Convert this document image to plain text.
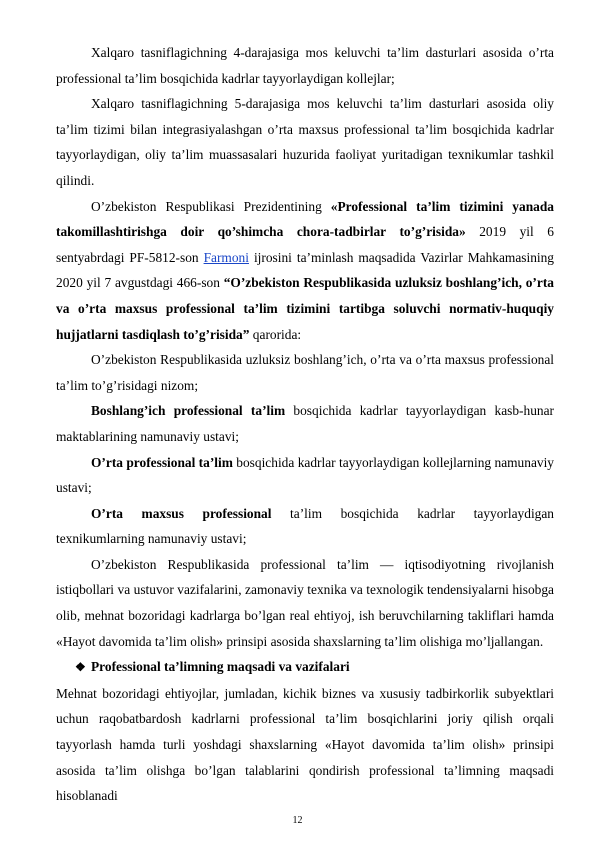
Xalqaro tasniflagichning 4-darajasiga mos keluvchi ta’lim dasturlari asosida o’rta professional ta’lim bosqichida kadrlar tayyorlaydigan kollejlar;

Xalqaro tasniflagichning 5-darajasiga mos keluvchi ta’lim dasturlari asosida oliy ta’lim tizimi bilan integrasiyalashgan o’rta maxsus professional ta’lim bosqichida kadrlar tayyorlaydigan, oliy ta’lim muassasalari huzurida faoliyat yuritadigan texnikumlar tashkil qilindi.

O’zbekiston Respublikasi Prezidentining «Professional ta’lim tizimini yanada takomillashtirishga doir qo’shimcha chora-tadbirlar to’g’risida» 2019 yil 6 sentyabrdagi PF-5812-son Farmoni ijrosini ta’minlash maqsadida Vazirlar Mahkamasining 2020 yil 7 avgustdagi 466-son “O’zbekiston Respublikasida uzluksiz boshlang’ich, o’rta va o’rta maxsus professional ta’lim tizimini tartibga soluvchi normativ-huquqiy hujjatlarni tasdiqlash to’g’risida” qarorida:

O’zbekiston Respublikasida uzluksiz boshlang’ich, o’rta va o’rta maxsus professional ta’lim to’g’risidagi nizom;

Boshlang’ich professional ta’lim bosqichida kadrlar tayyorlaydigan kasb-hunar maktablarining namunaviy ustavi;

O’rta professional ta’lim bosqichida kadrlar tayyorlaydigan kollejlarning namunaviy ustavi;

O’rta maxsus professional ta’lim bosqichida kadrlar tayyorlaydigan texnikumlarning namunaviy ustavi;

O’zbekiston Respublikasida professional ta’lim — iqtisodiyotning rivojlanish istiqbollari va ustuvor vazifalarini, zamonaviy texnika va texnologik tendensiyalarni hisobga olib, mehnat bozoridagi kadrlarga bo’lgan real ehtiyoj, ish beruvchilarning takliflari hamda «Hayot davomida ta’lim olish» prinsipi asosida shaxslarning ta’lim olishiga mo’ljallangan.

❖ Professional ta’limning maqsadi va vazifalari

Mehnat bozoridagi ehtiyojlar, jumladan, kichik biznes va xususiy tadbirkorlik subyektlari uchun raqobatbardosh kadrlarni professional ta’lim bosqichlarini joriy qilish orqali tayyorlash hamda turli yoshdagi shaxslarning «Hayot davomida ta’lim olish» prinsipi asosida ta’lim olishga bo’lgan talablarini qondirish professional ta’limning maqsadi hisoblanadi

12
